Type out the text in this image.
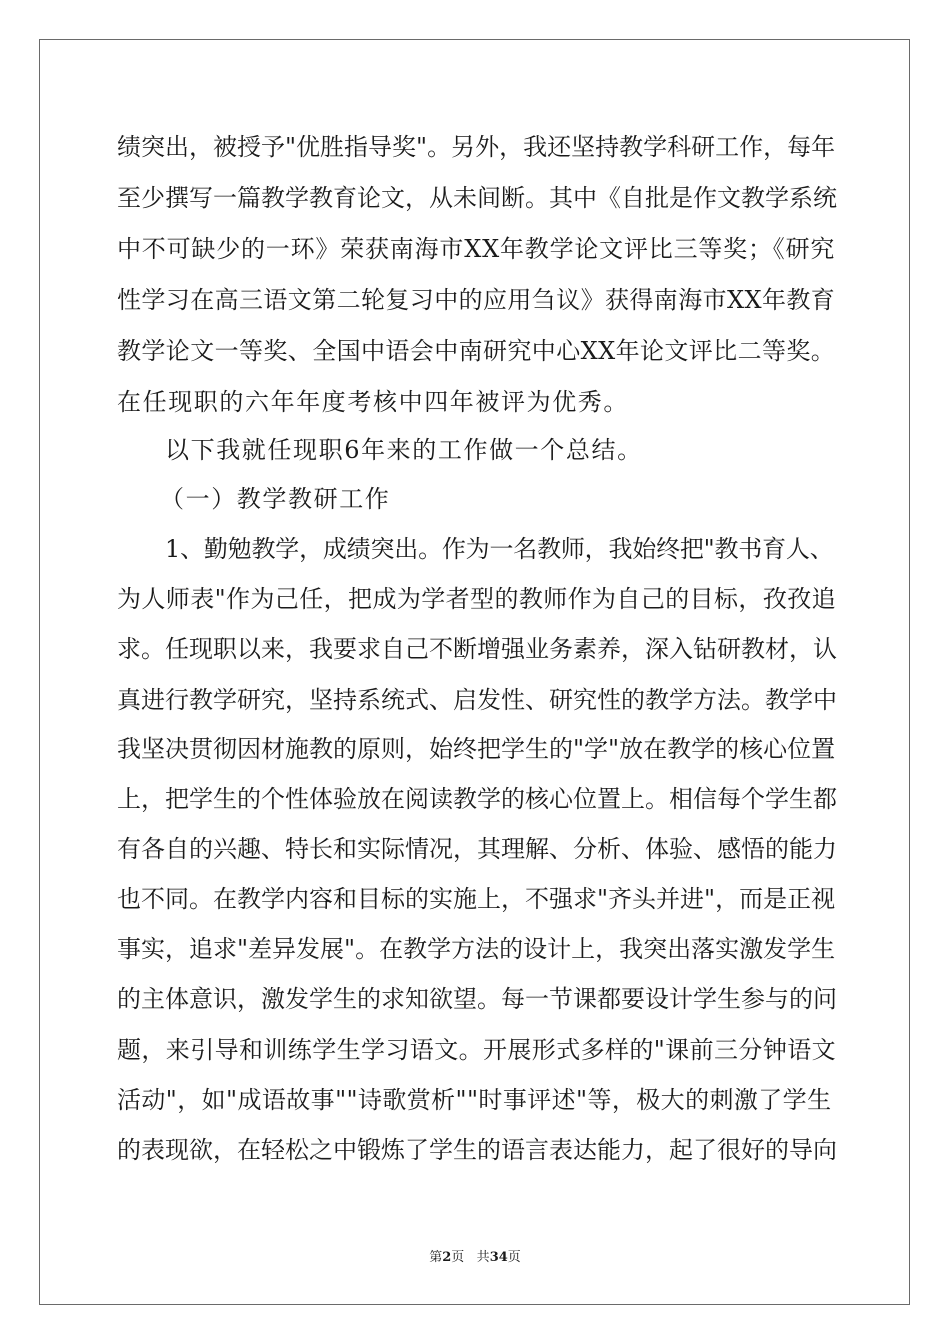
绩突出，被授予"优胜指导奖"。另外，我还坚持教学科研工作，每年
至少撰写一篇教学教育论文，从未间断。其中《自批是作文教学系统
中不可缺少的一环》荣获南海市XX年教学论文评比三等奖；《研究
性学习在高三语文第二轮复习中的应用刍议》获得南海市XX年教育
教学论文一等奖、全国中语会中南研究中心XX年论文评比二等奖。
在任现职的六年年度考核中四年被评为优秀。
以下我就任现职6年来的工作做一个总结。
（一）教学教研工作
1、勤勉教学，成绩突出。作为一名教师，我始终把"教书育人、
为人师表"作为己任，把成为学者型的教师作为自己的目标，孜孜追
求。任现职以来，我要求自己不断增强业务素养，深入钻研教材，认
真进行教学研究，坚持系统式、启发性、研究性的教学方法。教学中
我坚决贯彻因材施教的原则，始终把学生的"学"放在教学的核心位置
上，把学生的个性体验放在阅读教学的核心位置上。相信每个学生都
有各自的兴趣、特长和实际情况，其理解、分析、体验、感悟的能力
也不同。在教学内容和目标的实施上，不强求"齐头并进"，而是正视
事实，追求"差异发展"。在教学方法的设计上，我突出落实激发学生
的主体意识，激发学生的求知欲望。每一节课都要设计学生参与的问
题，来引导和训练学生学习语文。开展形式多样的"课前三分钟语文
活动"，如"成语故事""诗歌赏析""时事评述"等，极大的刺激了学生
的表现欲，在轻松之中锻炼了学生的语言表达能力，起了很好的导向
第2页 共34页
